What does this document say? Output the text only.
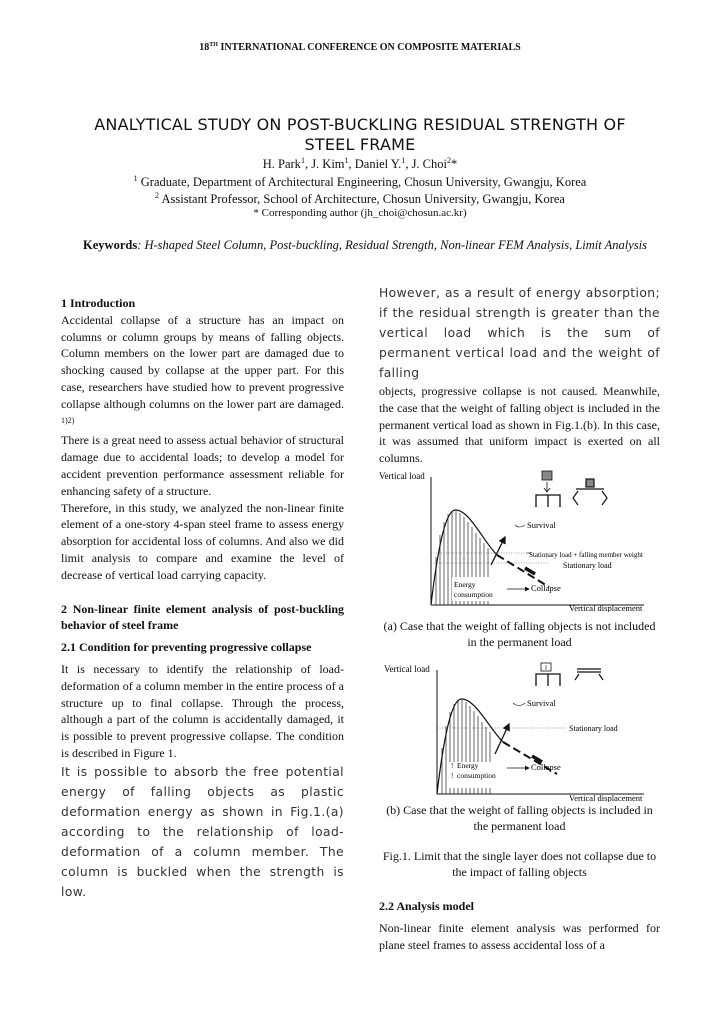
18TH INTERNATIONAL CONFERENCE ON COMPOSITE MATERIALS
ANALYTICAL STUDY ON POST-BUCKLING RESIDUAL STRENGTH OF
STEEL FRAME
H. Park$^1$, J. Kim$^1$, Daniel Y.$^1$, J. Choi$^2$*
$^1$ Graduate, Department of Architectural Engineering, Chosun University, Gwangju, Korea
$^2$ Assistant Professor, School of Architecture, Chosun University, Gwangju, Korea
* Corresponding author (jh_choi@chosun.ac.kr)
Keywords: H-shaped Steel Column, Post-buckling, Residual Strength, Non-linear FEM Analysis, Limit Analysis

1 Introduction

Accidental collapse of a structure has an impact on columns or column groups by means of falling objects. Column members on the lower part are damaged due to shocking caused by collapse at the upper part. For this case, researchers have studied how to prevent progressive collapse although columns on the lower part are damaged. $^{1)2)}$

There is a great need to assess actual behavior of structural damage due to accidental loads; to develop a model for accident prevention performance assessment reliable for enhancing safety of a structure.

Therefore, in this study, we analyzed the non-linear finite element of a one-story 4-span steel frame to assess energy absorption for accidental loss of columns. And also we did limit analysis to compare and examine the level of decrease of vertical load carrying capacity.

2 Non-linear finite element analysis of post-buckling behavior of steel frame

2.1 Condition for preventing progressive collapse

It is necessary to identify the relationship of load-deformation of a column member in the entire process of a structure up to final collapse. Through the process, although a part of the column is accidentally damaged, it is possible to prevent progressive collapse. The condition is described in Figure 1.

It is possible to absorb the free potential energy of falling objects as plastic deformation energy as shown in Fig.1.(a) according to the relationship of load-deformation of a column member. The column is buckled when the strength is low.

However, as a result of energy absorption; if the residual strength is greater than the vertical load which is the sum of permanent vertical load and the weight of falling

objects, progressive collapse is not caused. Meanwhile, the case that the weight of falling object is included in the permanent vertical load as shown in Fig.1.(b). In this case, it was assumed that uniform impact is exerted on all columns.

Vertical load
Vertical displacement
Survival
Stationary load + falling member weight
Stationary load
Energy
consumption
Collapse

(a) Case that the weight of falling objects is not included in the permanent load

Vertical load
Vertical displacement
Survival
Stationary load
!
!
Energy
consumption
Collapse

(b) Case that the weight of falling objects is included in the permanent load

Fig.1. Limit that the single layer does not collapse due to the impact of falling objects

2.2 Analysis model

Non-linear finite element analysis was performed for plane steel frames to assess accidental loss of a
